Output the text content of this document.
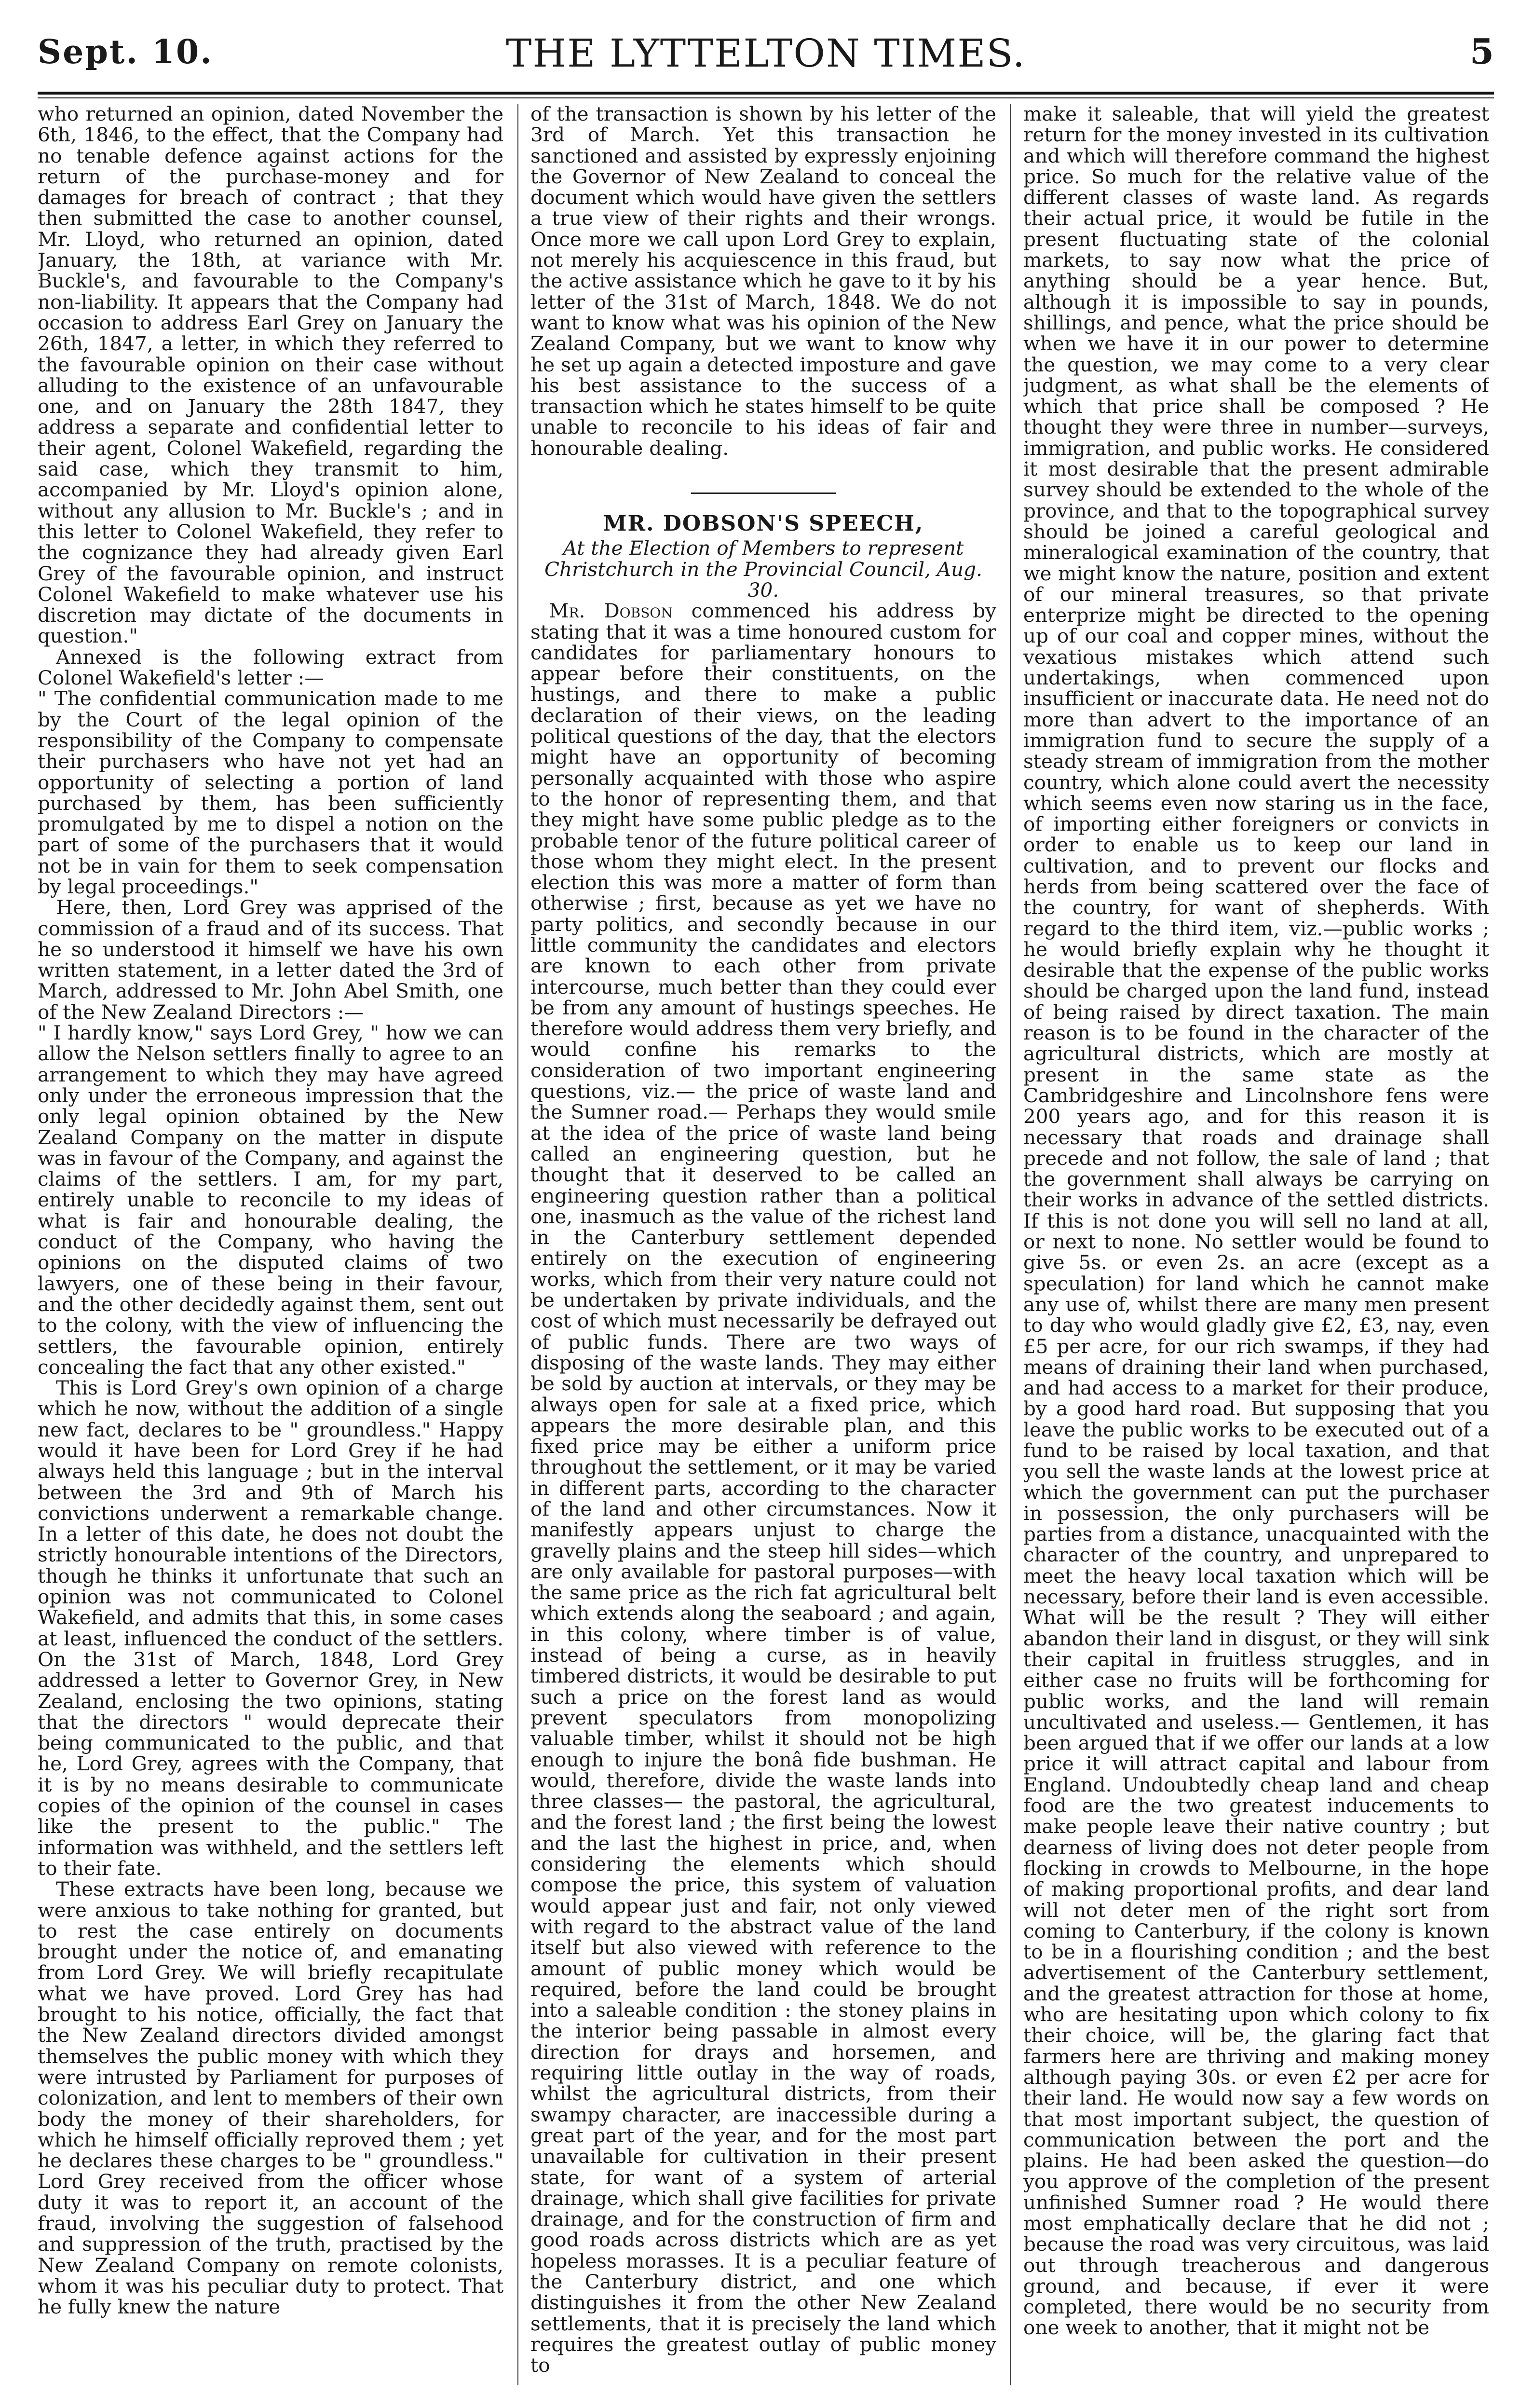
Sept. 10.	THE LYTTELTON TIMES.	5

who returned an opinion, dated November the 6th, 1846, to the effect, that the Company had no tenable defence against actions for the return of the purchase-money and for damages for breach of contract ; that they then submitted the case to another counsel, Mr. Lloyd, who returned an opinion, dated January, the 18th, at variance with Mr. Buckle's, and favourable to the Company's non-liability. It appears that the Company had occasion to address Earl Grey on January the 26th, 1847, a letter, in which they referred to the favourable opinion on their case without alluding to the existence of an unfavourable one, and on January the 28th 1847, they address a separate and confidential letter to their agent, Colonel Wakefield, regarding the said case, which they transmit to him, accompanied by Mr. Lloyd's opinion alone, without any allusion to Mr. Buckle's ; and in this letter to Colonel Wakefield, they refer to the cognizance they had already given Earl Grey of the favourable opinion, and instruct Colonel Wakefield to make whatever use his discretion may dictate of the documents in question."

Annexed is the following extract from Colonel Wakefield's letter :—

" The confidential communication made to me by the Court of the legal opinion of the responsibility of the Company to compensate their purchasers who have not yet had an opportunity of selecting a portion of land purchased by them, has been sufficiently promulgated by me to dispel a notion on the part of some of the purchasers that it would not be in vain for them to seek compensation by legal proceedings."

Here, then, Lord Grey was apprised of the commission of a fraud and of its success. That he so understood it himself we have his own written statement, in a letter dated the 3rd of March, addressed to Mr. John Abel Smith, one of the New Zealand Directors :—

" I hardly know," says Lord Grey, " how we can allow the Nelson settlers finally to agree to an arrangement to which they may have agreed only under the erroneous impression that the only legal opinion obtained by the New Zealand Company on the matter in dispute was in favour of the Company, and against the claims of the settlers. I am, for my part, entirely unable to reconcile to my ideas of what is fair and honourable dealing, the conduct of the Company, who having the opinions on the disputed claims of two lawyers, one of these being in their favour, and the other decidedly against them, sent out to the colony, with the view of influencing the settlers, the favourable opinion, entirely concealing the fact that any other existed."

This is Lord Grey's own opinion of a charge which he now, without the addition of a single new fact, declares to be " groundless." Happy would it have been for Lord Grey if he had always held this language ; but in the interval between the 3rd and 9th of March his convictions underwent a remarkable change. In a letter of this date, he does not doubt the strictly honourable intentions of the Directors, though he thinks it unfortunate that such an opinion was not communicated to Colonel Wakefield, and admits that this, in some cases at least, influenced the conduct of the settlers. On the 31st of March, 1848, Lord Grey addressed a letter to Governor Grey, in New Zealand, enclosing the two opinions, stating that the directors " would deprecate their being communicated to the public, and that he, Lord Grey, agrees with the Company, that it is by no means desirable to communicate copies of the opinion of the counsel in cases like the present to the public." The information was withheld, and the settlers left to their fate.

These extracts have been long, because we were anxious to take nothing for granted, but to rest the case entirely on documents brought under the notice of, and emanating from Lord Grey. We will briefly recapitulate what we have proved. Lord Grey has had brought to his notice, officially, the fact that the New Zealand directors divided amongst themselves the public money with which they were intrusted by Parliament for purposes of colonization, and lent to members of their own body the money of their shareholders, for which he himself officially reproved them ; yet he declares these charges to be " groundless." Lord Grey received from the officer whose duty it was to report it, an account of the fraud, involving the suggestion of falsehood and suppression of the truth, practised by the New Zealand Company on remote colonists, whom it was his peculiar duty to protect. That he fully knew the nature

of the transaction is shown by his letter of the 3rd of March. Yet this transaction he sanctioned and assisted by expressly enjoining the Governor of New Zealand to conceal the document which would have given the settlers a true view of their rights and their wrongs. Once more we call upon Lord Grey to explain, not merely his acquiescence in this fraud, but the active assistance which he gave to it by his letter of the 31st of March, 1848. We do not want to know what was his opinion of the New Zealand Company, but we want to know why he set up again a detected imposture and gave his best assistance to the success of a transaction which he states himself to be quite unable to reconcile to his ideas of fair and honourable dealing.

MR. DOBSON'S SPEECH,

At the Election of Members to represent Christchurch in the Provincial Council, Aug. 30.

Mr. Dobson commenced his address by stating that it was a time honoured custom for candidates for parliamentary honours to appear before their constituents, on the hustings, and there to make a public declaration of their views, on the leading political questions of the day, that the electors might have an opportunity of becoming personally acquainted with those who aspire to the honor of representing them, and that they might have some public pledge as to the probable tenor of the future political career of those whom they might elect. In the present election this was more a matter of form than otherwise ; first, because as yet we have no party politics, and secondly because in our little community the candidates and electors are known to each other from private intercourse, much better than they could ever be from any amount of hustings speeches. He therefore would address them very briefly, and would confine his remarks to the consideration of two important engineering questions, viz.— the price of waste land and the Sumner road.— Perhaps they would smile at the idea of the price of waste land being called an engineering question, but he thought that it deserved to be called an engineering question rather than a political one, inasmuch as the value of the richest land in the Canterbury settlement depended entirely on the execution of engineering works, which from their very nature could not be undertaken by private individuals, and the cost of which must necessarily be defrayed out of public funds. There are two ways of disposing of the waste lands. They may either be sold by auction at intervals, or they may be always open for sale at a fixed price, which appears the more desirable plan, and this fixed price may be either a uniform price throughout the settlement, or it may be varied in different parts, according to the character of the land and other circumstances. Now it manifestly appears unjust to charge the gravelly plains and the steep hill sides—which are only available for pastoral purposes—with the same price as the rich fat agricultural belt which extends along the seaboard ; and again, in this colony, where timber is of value, instead of being a curse, as in heavily timbered districts, it would be desirable to put such a price on the forest land as would prevent speculators from monopolizing valuable timber, whilst it should not be high enough to injure the bonâ fide bushman. He would, therefore, divide the waste lands into three classes— the pastoral, the agricultural, and the forest land ; the first being the lowest and the last the highest in price, and, when considering the elements which should compose the price, this system of valuation would appear just and fair, not only viewed with regard to the abstract value of the land itself but also viewed with reference to the amount of public money which would be required, before the land could be brought into a saleable condition : the stoney plains in the interior being passable in almost every direction for drays and horsemen, and requiring little outlay in the way of roads, whilst the agricultural districts, from their swampy character, are inaccessible during a great part of the year, and for the most part unavailable for cultivation in their present state, for want of a system of arterial drainage, which shall give facilities for private drainage, and for the construction of firm and good roads across districts which are as yet hopeless morasses. It is a peculiar feature of the Canterbury district, and one which distinguishes it from the other New Zealand settlements, that it is precisely the land which requires the greatest outlay of public money to

make it saleable, that will yield the greatest return for the money invested in its cultivation and which will therefore command the highest price. So much for the relative value of the different classes of waste land. As regards their actual price, it would be futile in the present fluctuating state of the colonial markets, to say now what the price of anything should be a year hence. But, although it is impossible to say in pounds, shillings, and pence, what the price should be when we have it in our power to determine the question, we may come to a very clear judgment, as what shall be the elements of which that price shall be composed ? He thought they were three in number—surveys, immigration, and public works. He considered it most desirable that the present admirable survey should be extended to the whole of the province, and that to the topographical survey should be joined a careful geological and mineralogical examination of the country, that we might know the nature, position and extent of our mineral treasures, so that private enterprize might be directed to the opening up of our coal and copper mines, without the vexatious mistakes which attend such undertakings, when commenced upon insufficient or inaccurate data. He need not do more than advert to the importance of an immigration fund to secure the supply of a steady stream of immigration from the mother country, which alone could avert the necessity which seems even now staring us in the face, of importing either foreigners or convicts in order to enable us to keep our land in cultivation, and to prevent our flocks and herds from being scattered over the face of the country, for want of shepherds. With regard to the third item, viz.—public works ; he would briefly explain why he thought it desirable that the expense of the public works should be charged upon the land fund, instead of being raised by direct taxation. The main reason is to be found in the character of the agricultural districts, which are mostly at present in the same state as the Cambridgeshire and Lincolnshore fens were 200 years ago, and for this reason it is necessary that roads and drainage shall precede and not follow, the sale of land ; that the government shall always be carrying on their works in advance of the settled districts. If this is not done you will sell no land at all, or next to none. No settler would be found to give 5s. or even 2s. an acre (except as a speculation) for land which he cannot make any use of, whilst there are many men present to day who would gladly give £2, £3, nay, even £5 per acre, for our rich swamps, if they had means of draining their land when purchased, and had access to a market for their produce, by a good hard road. But supposing that you leave the public works to be executed out of a fund to be raised by local taxation, and that you sell the waste lands at the lowest price at which the government can put the purchaser in possession, the only purchasers will be parties from a distance, unacquainted with the character of the country, and unprepared to meet the heavy local taxation which will be necessary, before their land is even accessible. What will be the result ? They will either abandon their land in disgust, or they will sink their capital in fruitless struggles, and in either case no fruits will be forthcoming for public works, and the land will remain uncultivated and useless.— Gentlemen, it has been argued that if we offer our lands at a low price it will attract capital and labour from England. Undoubtedly cheap land and cheap food are the two greatest inducements to make people leave their native country ; but dearness of living does not deter people from flocking in crowds to Melbourne, in the hope of making proportional profits, and dear land will not deter men of the right sort from coming to Canterbury, if the colony is known to be in a flourishing condition ; and the best advertisement of the Canterbury settlement, and the greatest attraction for those at home, who are hesitating upon which colony to fix their choice, will be, the glaring fact that farmers here are thriving and making money although paying 30s. or even £2 per acre for their land. He would now say a few words on that most important subject, the question of communication between the port and the plains. He had been asked the question—do you approve of the completion of the present unfinished Sumner road ? He would there most emphatically declare that he did not ; because the road was very circuitous, was laid out through treacherous and dangerous ground, and because, if ever it were completed, there would be no security from one week to another, that it might not be
